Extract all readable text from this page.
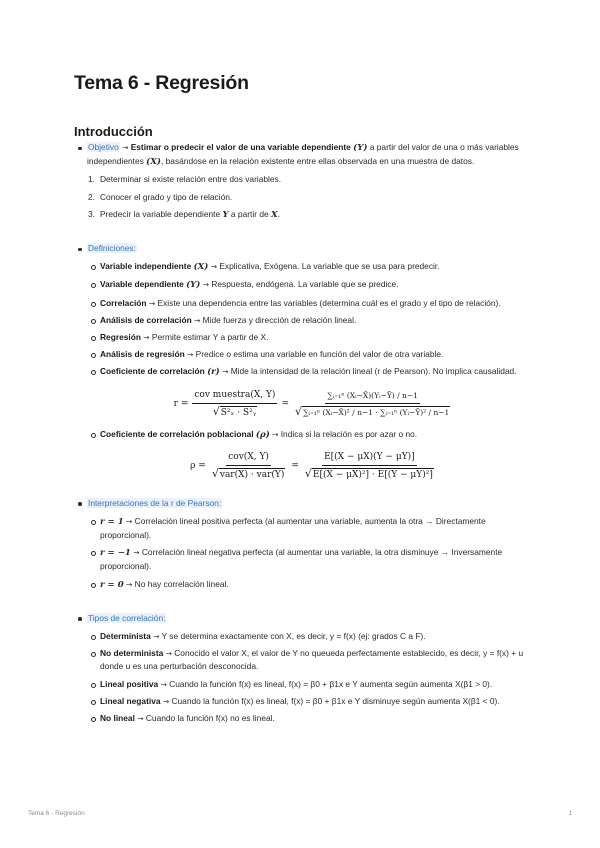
Tema 6 - Regresión
Introducción
Objetivo → Estimar o predecir el valor de una variable dependiente (Y) a partir del valor de una o más variables independientes (X), basándose en la relación existente entre ellas observada en una muestra de datos.
1. Determinar si existe relación entre dos variables.
2. Conocer el grado y tipo de relación.
3. Predecir la variable dependiente Y a partir de X.
Definiciones:
Variable independiente (X) → Explicativa, Exógena. La variable que se usa para predecir.
Variable dependiente (Y) → Respuesta, endógena. La variable que se predice.
Correlación → Existe una dependencia entre las variables (determina cuál es el grado y el tipo de relación).
Análisis de correlación → Mide fuerza y dirección de relación lineal.
Regresión → Permite estimar Y a partir de X.
Análisis de regresión → Predice o estima una variable en función del valor de otra variable.
Coeficiente de correlación (r) → Mide la intensidad de la relación lineal (r de Pearson). No implica causalidad.
$r = \frac{\text{cov muestra(X, Y)}}{\text{√S²ₓ · S²ᵧ}} = \frac{\text{∑ᵢ₌₁ⁿ (Xᵢ−X̄)(Yᵢ−Ȳ) / n−1}}{\text{√∑ᵢ₌₁ⁿ (Xᵢ−X̄)² / n−1 · ∑ᵢ₌₁ⁿ (Yᵢ−Ȳ)² / n−1}}$
Coeficiente de correlación poblacional (ρ) → Indica si la relación es por azar o no.
$\rho = \frac{\text{cov(X, Y)}}{\text{√var(X) · var(Y)}} = \frac{E[(X - \mu X)(Y - \mu Y)]}{\text{√E[(X − μX)²] · E[(Y − μY)²]}}$
Interpretaciones de la r de Pearson:
r = 1 → Correlación lineal positiva perfecta (al aumentar una variable, aumenta la otra → Directamente proporcional).
r = −1 → Correlación lineal negativa perfecta (al aumentar una variable, la otra disminuye → Inversamente proporcional).
r = 0 → No hay correlación lineal.
Tipos de correlación:
Determinista → Y se determina exactamente con X, es decir, y = f(x) (ej: grados C a F).
No determinista → Conocido el valor X, el valor de Y no queueda perfectamente establecido, es decir, y = f(x) + u donde u es una perturbación desconocida.
Lineal positiva → Cuando la función f(x) es lineal, f(x) = β0 + β1x e Y aumenta según aumenta X(β1 > 0).
Lineal negativa → Cuando la función f(x) es lineal, f(x) = β0 + β1x e Y disminuye según aumenta X(β1 < 0).
No lineal → Cuando la función f(x) no es lineal.
Tema 6 - Regresión	1
